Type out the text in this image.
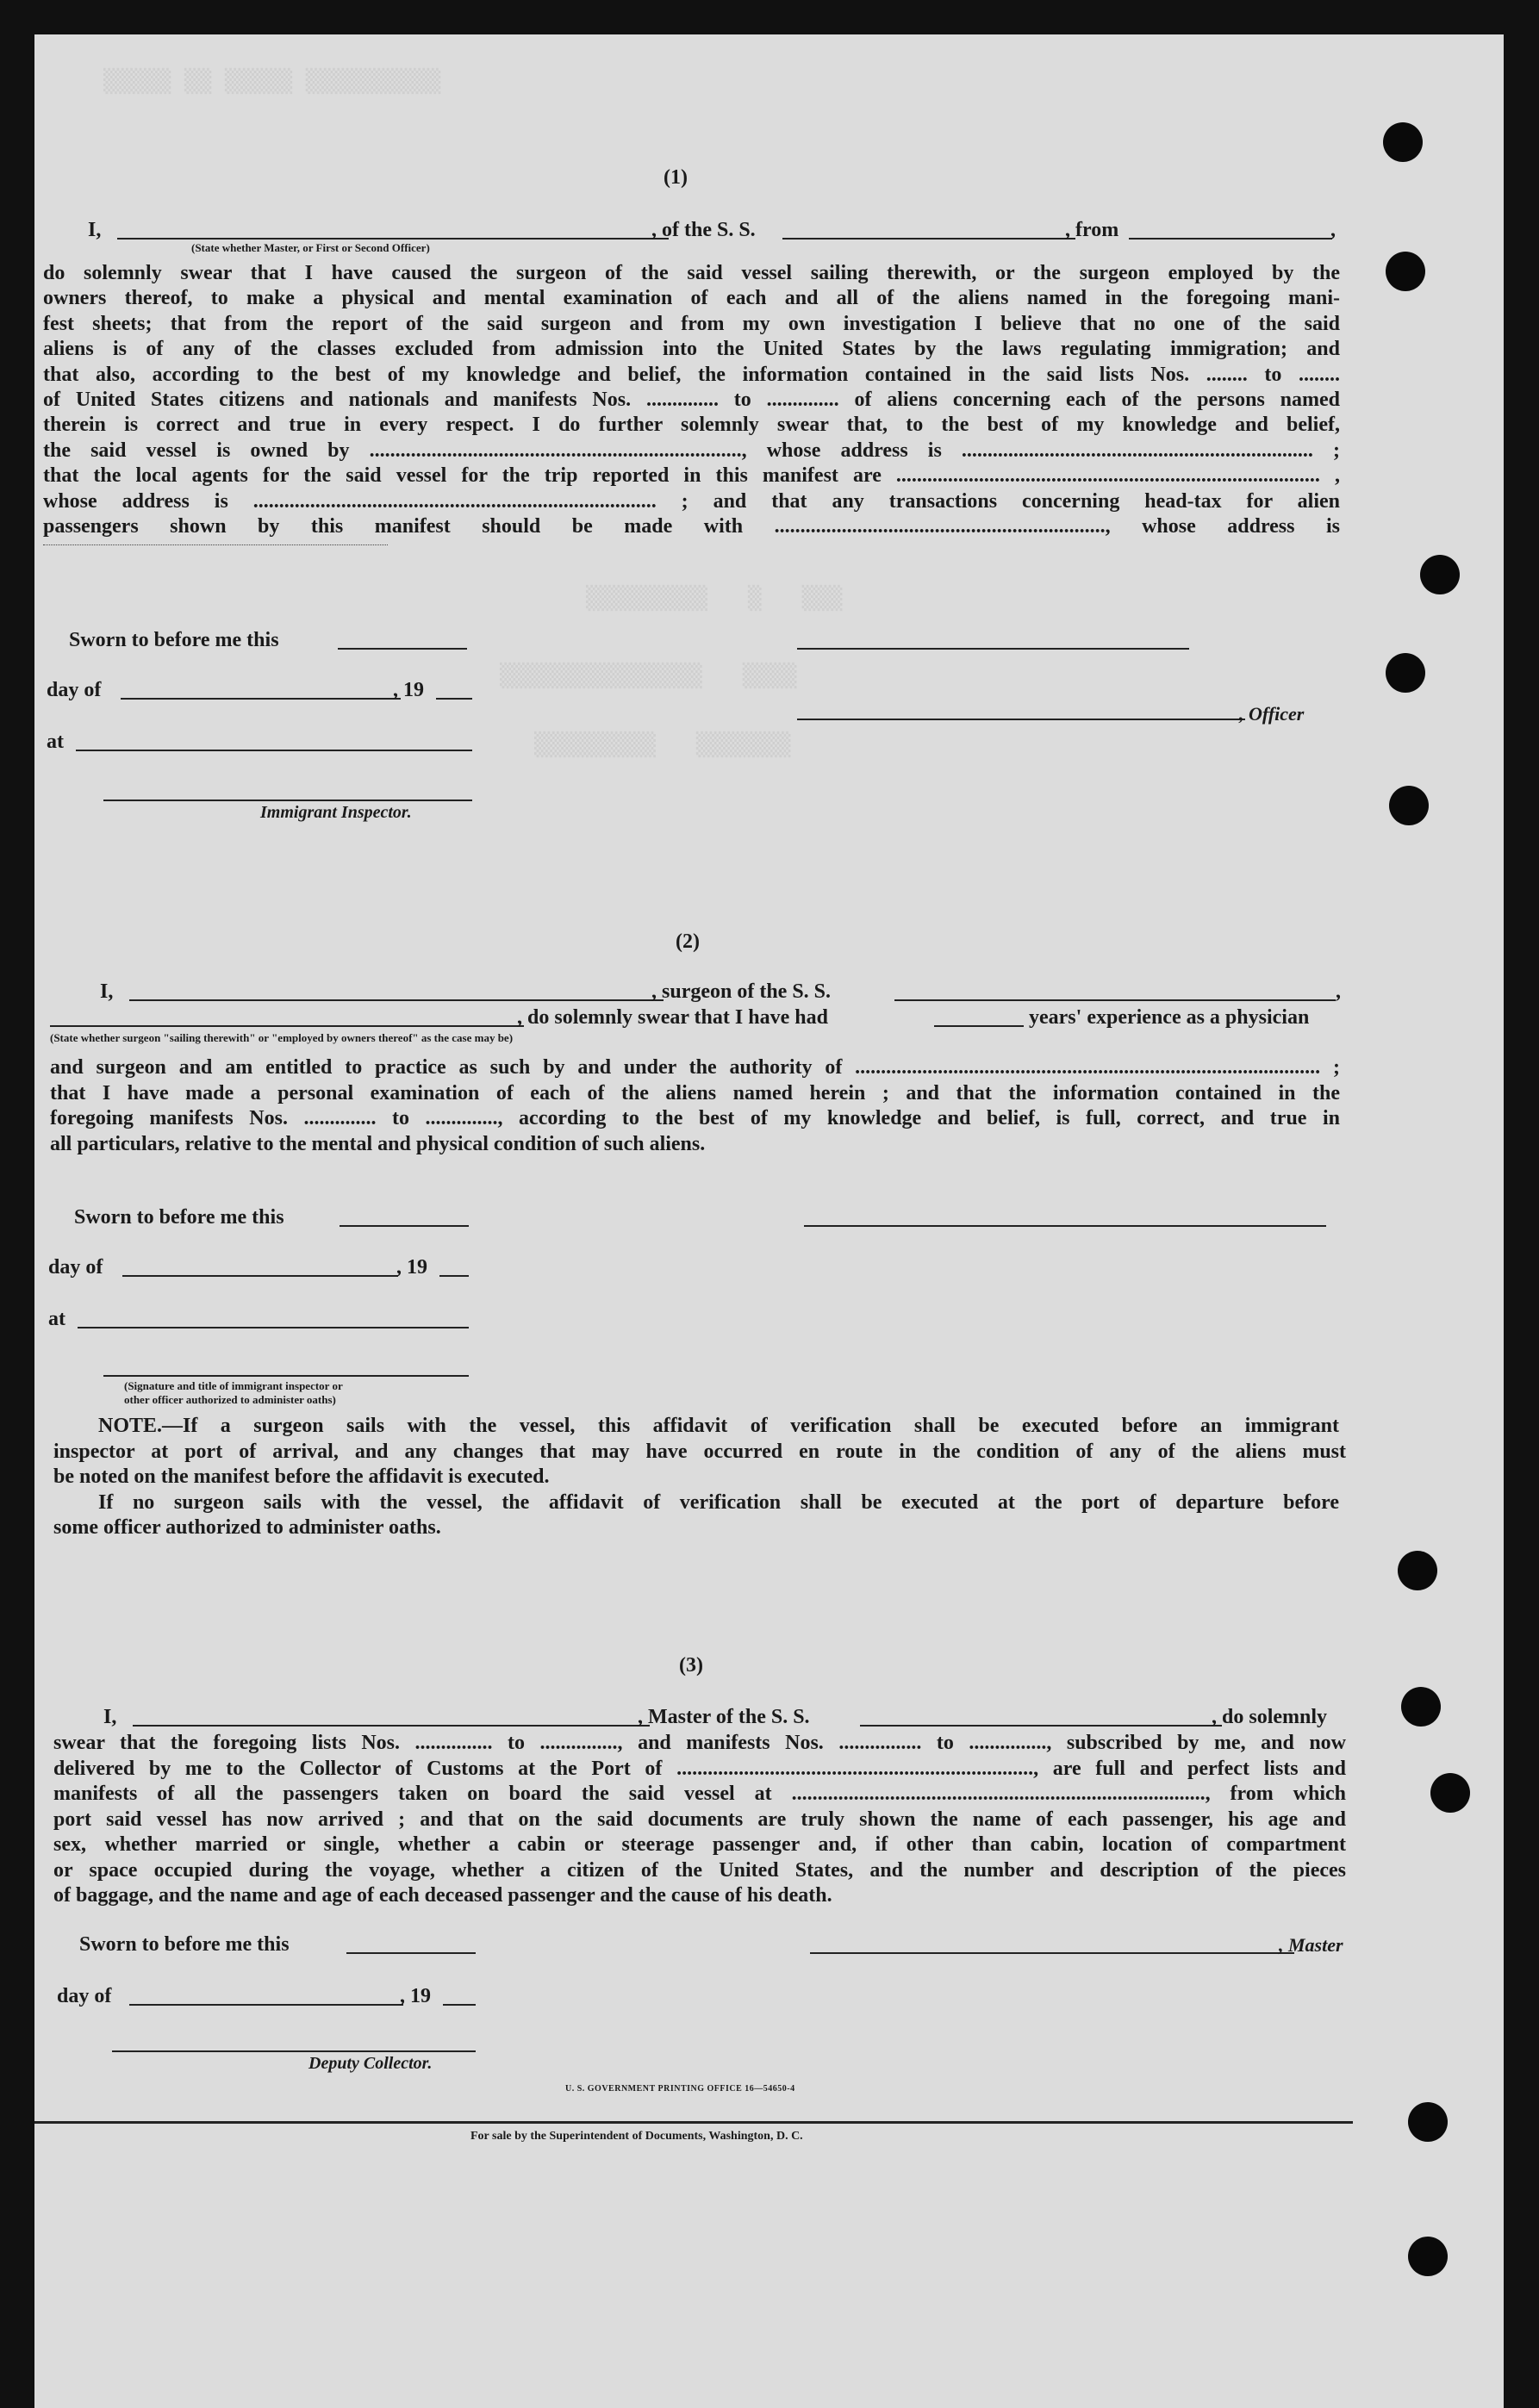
▒▒▒▒▒ ▒▒ ▒▒▒▒▒ ▒▒▒▒▒▒▒▒▒▒
▒▒▒▒▒▒▒▒▒   ▒   ▒▒▒
▒▒▒▒▒▒▒▒▒▒▒▒▒▒▒   ▒▒▒▒
▒▒▒▒▒▒▒▒▒   ▒▒▒▒▒▒▒
(1)
I,	, of the S. S.	, from	,
(State whether Master, or First or Second Officer)
do solemnly swear that I have caused the surgeon of the said vessel sailing therewith, or the surgeon employed by the
owners thereof, to make a physical and mental examination of each and all of the aliens named in the foregoing mani-
fest sheets; that from the report of the said surgeon and from my own investigation I believe that no one of the said
aliens is of any of the classes excluded from admission into the United States by the laws regulating immigration; and
that also, according to the best of my knowledge and belief, the information contained in the said lists Nos. ........ to ........
of United States citizens and nationals and manifests Nos. .............. to .............. of aliens concerning each of the persons named
therein is correct and true in every respect. I do further solemnly swear that, to the best of my knowledge and belief,
the said vessel is owned by ........................................................................, whose address is .................................................................... ;
that the local agents for the said vessel for the trip reported in this manifest are .................................................................................. ,
whose address is .............................................................................. ; and that any transactions concerning head-tax for alien
passengers shown by this manifest should be made with ................................................................, whose address is
Sworn to before me this
day of	, 19
, Officer
at
Immigrant Inspector.
(2)
I,	, surgeon of the S. S.	,
, do solemnly swear that I have had	years' experience as a physician
(State whether surgeon "sailing therewith" or "employed by owners thereof" as the case may be)
and surgeon and am entitled to practice as such by and under the authority of .......................................................................................... ;
that I have made a personal examination of each of the aliens named herein ; and that the information contained in the
foregoing manifests Nos. .............. to .............., according to the best of my knowledge and belief, is full, correct, and true in
all particulars, relative to the mental and physical condition of such aliens.
Sworn to before me this
day of	, 19
at
(Signature and title of immigrant inspector or
other officer authorized to administer oaths)
NOTE.—If a surgeon sails with the vessel, this affidavit of verification shall be executed before an immigrant
inspector at port of arrival, and any changes that may have occurred en route in the condition of any of the aliens must
be noted on the manifest before the affidavit is executed.
If no surgeon sails with the vessel, the affidavit of verification shall be executed at the port of departure before
some officer authorized to administer oaths.
(3)
I,	, Master of the S. S.	, do solemnly
swear that the foregoing lists Nos. ............... to ..............., and manifests Nos. ................ to ..............., subscribed by me, and now
delivered by me to the Collector of Customs at the Port of ....................................................................., are full and perfect lists and
manifests of all the passengers taken on board the said vessel at ................................................................................, from which
port said vessel has now arrived ; and that on the said documents are truly shown the name of each passenger, his age and
sex, whether married or single, whether a cabin or steerage passenger and, if other than cabin, location of compartment
or space occupied during the voyage, whether a citizen of the United States, and the number and description of the pieces
of baggage, and the name and age of each deceased passenger and the cause of his death.
Sworn to before me this	, Master
day of	, 19
Deputy Collector.
U. S. GOVERNMENT PRINTING OFFICE 16—54650-4
For sale by the Superintendent of Documents, Washington, D. C.
